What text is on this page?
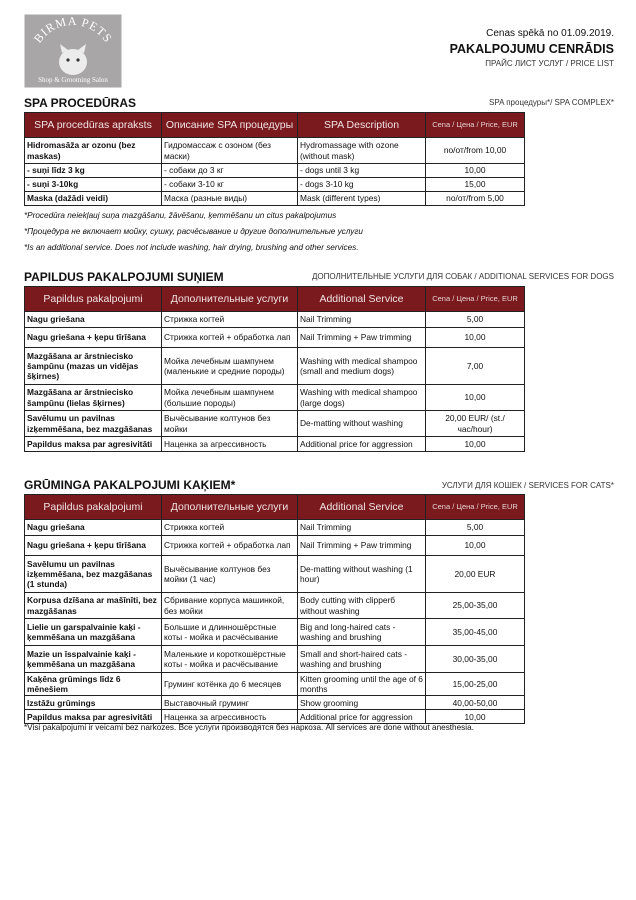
BIRMA PETS
Shop & Grooming Salon
Cenas spēkā no 01.09.2019.
PAKALPOJUMU CENRĀDIS
ПРАЙС ЛИСТ УСЛУГ / PRICE LIST
SPA PROCEDŪRAS	SPA процедуры*/ SPA COMPLEX*
SPA procedūras apraksts	Описание SPA процедуры	SPA Description	Cena / Цена / Price, EUR
Hidromasāža ar ozonu (bez maskas)	Гидромассаж с озоном (без маски)	Hydromassage with ozone (without mask)	no/от/from 10,00
- suņi līdz 3 kg	- собаки до 3 кг	- dogs until 3 kg	10,00
- suņi 3-10kg	- собаки 3-10 кг	- dogs 3-10 kg	15,00
Maska (dažādi veidi)	Маска (разные виды)	Mask (different types)	no/от/from 5,00
*Procedūra neiekļauj suņa mazgāšanu, žāvēšanu, ķemmēšanu un citus pakalpojumus
*Процедура не включает мойку, сушку, расчёсывание и другие дополнительные услуги
*Is an additional service. Does not include washing, hair drying, brushing and other services.
PAPILDUS PAKALPOJUMI SUŅIEM	ДОПОЛНИТЕЛЬНЫЕ УСЛУГИ ДЛЯ СОБАК / ADDITIONAL SERVICES FOR DOGS
Papildus pakalpojumi	Дополнительные услуги	Additional Service	Cena / Цена / Price, EUR
Nagu griešana	Стрижка когтей	Nail Trimming	5,00
Nagu griešana + ķepu tīrīšana	Стрижка когтей + обработка лап	Nail Trimming + Paw trimming	10,00
Mazgāšana ar ārstniecisko šampūnu (mazas un vidējas šķirnes)	Мойка лечебным шампунем (маленькие и средние породы)	Washing with medical shampoo (small and medium dogs)	7,00
Mazgāšana ar ārstniecisko šampūnu (lielas šķirnes)	Мойка лечебным шампунем (большие породы)	Washing with medical shampoo (large dogs)	10,00
Savēlumu un pavilnas izķemmēšana, bez mazgāšanas	Вычёсывание колтунов без мойки	De-matting without washing	20,00 EUR/ (st./час/hour)
Papildus maksa par agresivitāti	Наценка за агрессивность	Additional price for aggression	10,00
GRŪMINGA PAKALPOJUMI KAĶIEM*	УСЛУГИ ДЛЯ КОШЕК / SERVICES FOR CATS*
Papildus pakalpojumi	Дополнительные услуги	Additional Service	Cena / Цена / Price, EUR
Nagu griešana	Стрижка когтей	Nail Trimming	5,00
Nagu griešana + ķepu tīrīšana	Стрижка когтей + обработка лап	Nail Trimming + Paw trimming	10,00
Savēlumu un pavilnas izķemmēšana, bez mazgāšanas (1 stunda)	Вычёсывание колтунов без мойки (1 час)	De-matting without washing (1 hour)	20,00 EUR
Korpusa dzīšana ar mašīnīti, bez mazgāšanas	Сбривание корпуса машинкой, без мойки	Body cutting with clipperб without washing	25,00-35,00
Lielie un garspalvainie kaķi - ķemmēšana un mazgāšana	Большие и длинношёрстные коты - мойка и расчёсывание	Big and long-haired cats - washing and brushing	35,00-45,00
Mazie un īsspalvainie kaķi - ķemmēšana un mazgāšana	Маленькие и короткошёрстные коты - мойка и расчёсывание	Small and short-haired cats - washing and brushing	30,00-35,00
Kaķēna grūmings līdz 6 mēnešiem	Груминг котёнка до 6 месяцев	Kitten grooming until the age of 6 months	15,00-25,00
Izstāžu grūmings	Выставочный груминг	Show grooming	40,00-50,00
Papildus maksa par agresivitāti	Наценка за агрессивность	Additional price for aggression	10,00
*Visi pakalpojumi ir veicami bez narkozes. Все услуги производятся без наркоза. All services are done without anesthesia.
